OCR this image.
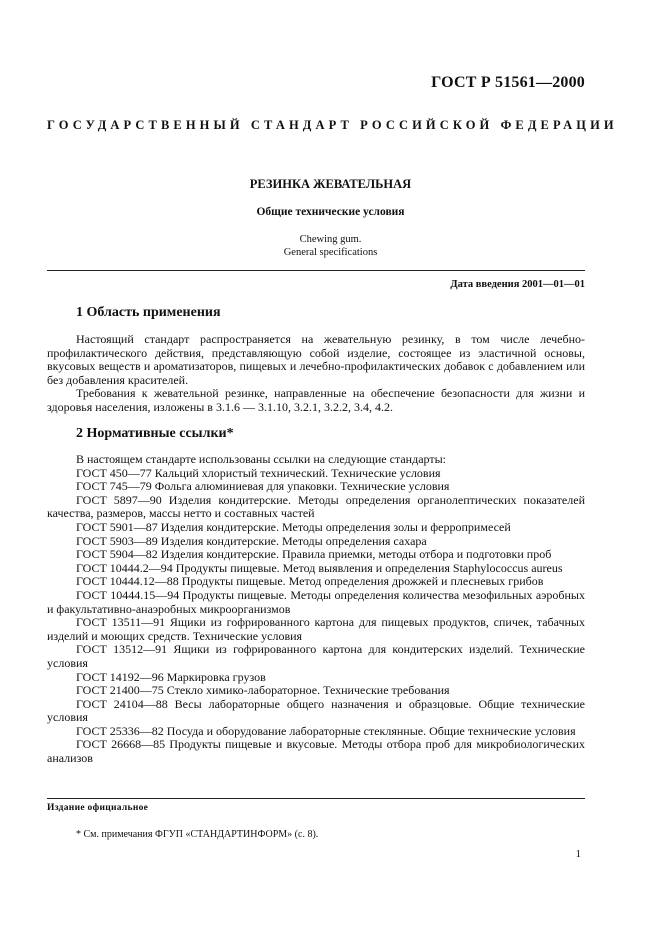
ГОСТ Р 51561—2000
ГОСУДАРСТВЕННЫЙ СТАНДАРТ РОССИЙСКОЙ ФЕДЕРАЦИИ
РЕЗИНКА ЖЕВАТЕЛЬНАЯ
Общие технические условия
Chewing gum.
General specifications
Дата введения 2001—01—01
1 Область применения

Настоящий стандарт распространяется на жевательную резинку, в том числе лечебно-профилактического действия, представляющую собой изделие, состоящее из эластичной основы, вкусовых веществ и ароматизаторов, пищевых и лечебно-профилактических добавок с добавлением или без добавления красителей.

Требования к жевательной резинке, направленные на обеспечение безопасности для жизни и здоровья населения, изложены в 3.1.6 — 3.1.10, 3.2.1, 3.2.2, 3.4, 4.2.

2 Нормативные ссылки*
В настоящем стандарте использованы ссылки на следующие стандарты:
ГОСТ 450—77 Кальций хлористый технический. Технические условия
ГОСТ 745—79 Фольга алюминиевая для упаковки. Технические условия
ГОСТ 5897—90 Изделия кондитерские. Методы определения органолептических показателей качества, размеров, массы нетто и составных частей
ГОСТ 5901—87 Изделия кондитерские. Методы определения золы и ферропримесей
ГОСТ 5903—89 Изделия кондитерские. Методы определения сахара
ГОСТ 5904—82 Изделия кондитерские. Правила приемки, методы отбора и подготовки проб
ГОСТ 10444.2—94 Продукты пищевые. Метод выявления и определения Staphylococcus aureus
ГОСТ 10444.12—88 Продукты пищевые. Метод определения дрожжей и плесневых грибов
ГОСТ 10444.15—94 Продукты пищевые. Методы определения количества мезофильных аэробных и факультативно-анаэробных микроорганизмов
ГОСТ 13511—91 Ящики из гофрированного картона для пищевых продуктов, спичек, табачных изделий и моющих средств. Технические условия
ГОСТ 13512—91 Ящики из гофрированного картона для кондитерских изделий. Технические условия
ГОСТ 14192—96 Маркировка грузов
ГОСТ 21400—75 Стекло химико-лабораторное. Технические требования
ГОСТ 24104—88 Весы лабораторные общего назначения и образцовые. Общие технические условия
ГОСТ 25336—82 Посуда и оборудование лабораторные стеклянные. Общие технические условия
ГОСТ 26668—85 Продукты пищевые и вкусовые. Методы отбора проб для микробиологических анализов
Издание официальное
* См. примечания ФГУП «СТАНДАРТИНФОРМ» (с. 8).
1
